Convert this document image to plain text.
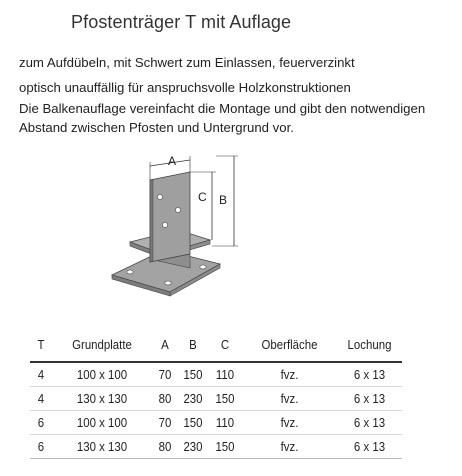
Pfostenträger T mit Auflage
zum Aufdübeln, mit Schwert zum Einlassen, feuerverzinkt
optisch unauffällig für anspruchsvolle Holzkonstruktionen
Die Balkenauflage vereinfacht die Montage und gibt den notwendigen
Abstand zwischen Pfosten und Untergrund vor.
A
C B
T	Grundplatte	A	B	C	Oberfläche	Lochung
4	100 x 100	70	150	110	fvz.	6 x 13
4	130 x 130	80	230	150	fvz.	6 x 13
6	100 x 100	70	150	110	fvz.	6 x 13
6	130 x 130	80	230	150	fvz.	6 x 13
